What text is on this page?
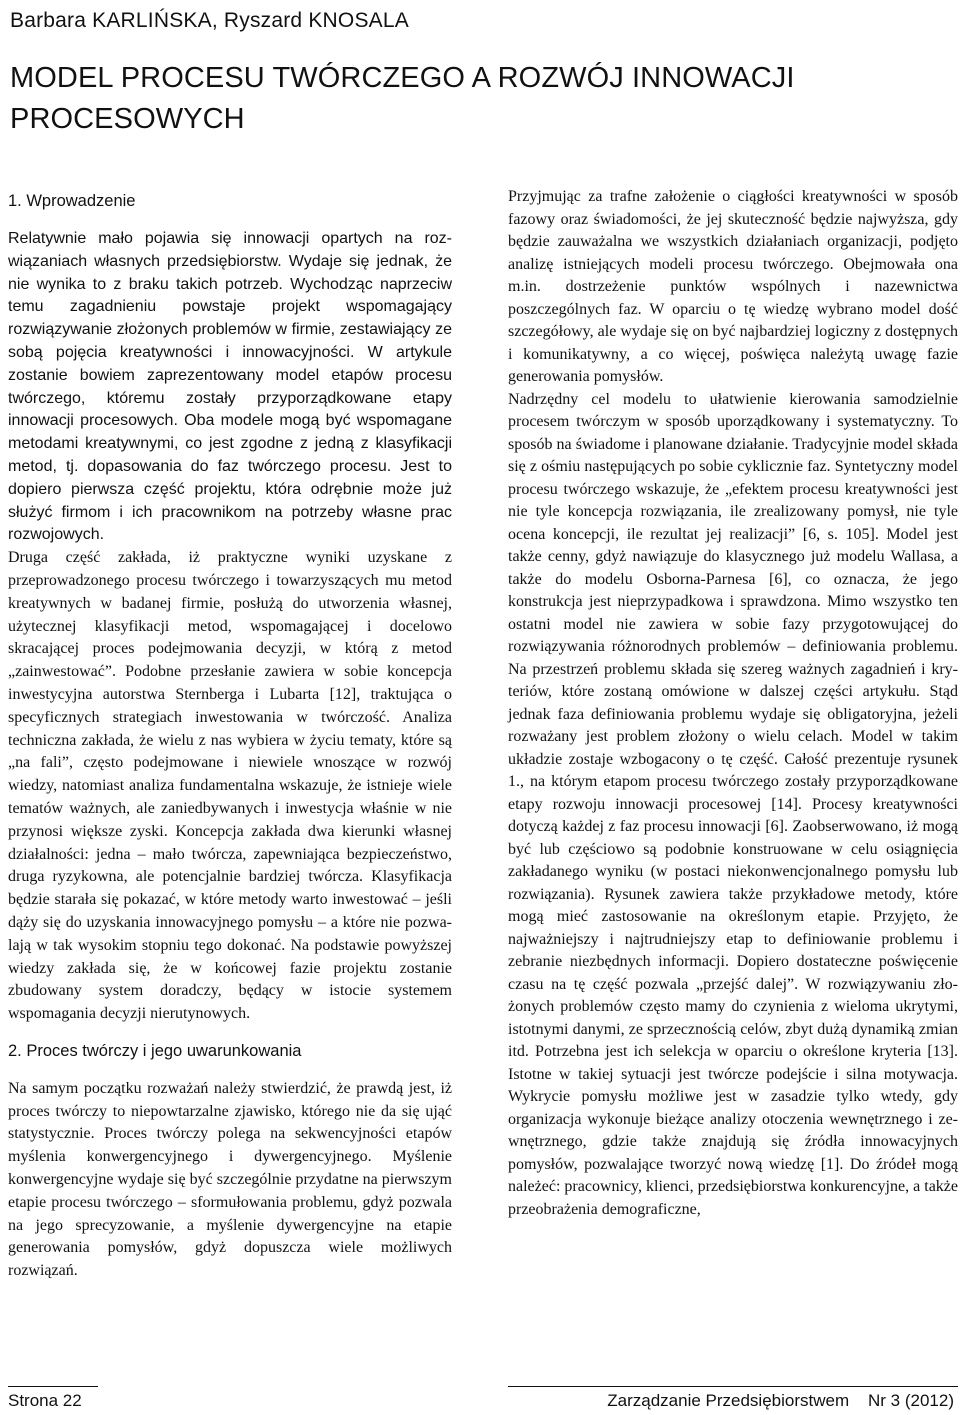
Barbara KARLIŃSKA, Ryszard KNOSALA
MODEL PROCESU TWÓRCZEGO A ROZWÓJ INNOWACJI PROCESOWYCH
1. Wprowadzenie

Relatywnie mało pojawia się innowacji opartych na rozwiązaniach własnych przedsiębiorstw. Wydaje się jednak, że nie wynika to z braku takich potrzeb. Wychodząc naprzeciw temu zagadnieniu powstaje projekt wspomagający rozwiązywanie złożonych problemów w firmie, zestawiający ze sobą pojęcia kreatywności i innowacyjności. W artykule zostanie bowiem zaprezentowany model etapów procesu twórczego, któremu zostały przyporządkowane etapy innowacji procesowych. Oba modele mogą być wspomagane metodami kreatywnymi, co jest zgodne z jedną z klasyfikacji metod, tj. dopasowania do faz twórczego procesu. Jest to dopiero pierwsza część projektu, która odrębnie może już służyć firmom i ich pracownikom na potrzeby własne prac rozwojowych.

Druga część zakłada, iż praktyczne wyniki uzyskane z przeprowadzonego procesu twórczego i towarzyszących mu metod kreatywnych w badanej firmie, posłużą do utworzenia własnej, użytecznej klasyfikacji metod, wspomagającej i docelowo skracającej proces podejmowania decyzji, w którą z metod „zainwestować”. Podobne przesłanie zawiera w sobie koncepcja inwestycyjna autorstwa Sternberga i Lubarta [12], traktująca o specyficznych strategiach inwestowania w twórczość. Analiza techniczna zakłada, że wielu z nas wybiera w życiu tematy, które są „na fali”, często podejmowane i niewiele wnoszące w rozwój wiedzy, natomiast analiza fundamentalna wskazuje, że istnieje wiele tematów ważnych, ale zaniedbywanych i inwestycja właśnie w nie przynosi większe zyski. Koncepcja zakłada dwa kierunki własnej działalności: jedna – mało twórcza, zapewniająca bezpieczeństwo, druga ryzykowna, ale potencjalnie bardziej twórcza. Klasyfikacja będzie starała się pokazać, w które metody warto inwestować – jeśli dąży się do uzyskania innowacyjnego pomysłu – a które nie pozwalają w tak wysokim stopniu tego dokonać. Na podstawie powyższej wiedzy zakłada się, że w końcowej fazie projektu zostanie zbudowany system doradczy, będący w istocie systemem wspomagania decyzji nierutynowych.

2. Proces twórczy i jego uwarunkowania

Na samym początku rozważań należy stwierdzić, że prawdą jest, iż proces twórczy to niepowtarzalne zjawisko, którego nie da się ująć statystycznie. Proces twórczy polega na sekwencyjności etapów myślenia konwergencyjnego i dywergencyjnego. Myślenie konwergencyjne wydaje się być szczególnie przydatne na pierwszym etapie procesu twórczego – sformułowania problemu, gdyż pozwala na jego sprecyzowanie, a myślenie dywergencyjne na etapie generowania pomysłów, gdyż dopuszcza wiele możliwych rozwiązań.

Przyjmując za trafne założenie o ciągłości kreatywności w sposób fazowy oraz świadomości, że jej skuteczność będzie najwyższa, gdy będzie zauważalna we wszystkich działaniach organizacji, podjęto analizę istniejących modeli procesu twórczego. Obejmowała ona m.in. dostrzeżenie punktów wspólnych i nazewnictwa poszczególnych faz. W oparciu o tę wiedzę wybrano model dość szczegółowy, ale wydaje się on być najbardziej logiczny z dostępnych i komunikatywny, a co więcej, poświęca należytą uwagę fazie generowania pomysłów.

Nadrzędny cel modelu to ułatwienie kierowania samodzielnie procesem twórczym w sposób uporządkowany i systematyczny. To sposób na świadome i planowane działanie. Tradycyjnie model składa się z ośmiu następujących po sobie cyklicznie faz. Syntetyczny model procesu twórczego wskazuje, że „efektem procesu kreatywności jest nie tyle koncepcja rozwiązania, ile zrealizowany pomysł, nie tyle ocena koncepcji, ile rezultat jej realizacji” [6, s. 105]. Model jest także cenny, gdyż nawiązuje do klasycznego już modelu Wallasa, a także do modelu Osborna-Parnesa [6], co oznacza, że jego konstrukcja jest nieprzypadkowa i sprawdzona. Mimo wszystko ten ostatni model nie zawiera w sobie fazy przygotowującej do rozwiązywania różnorodnych problemów – definiowania problemu. Na przestrzeń problemu składa się szereg ważnych zagadnień i kryteriów, które zostaną omówione w dalszej części artykułu. Stąd jednak faza definiowania problemu wydaje się obligatoryjna, jeżeli rozważany jest problem złożony o wielu celach. Model w takim układzie zostaje wzbogacony o tę część. Całość prezentuje rysunek 1., na którym etapom procesu twórczego zostały przyporządkowane etapy rozwoju innowacji procesowej [14]. Procesy kreatywności dotyczą każdej z faz procesu innowacji [6]. Zaobserwowano, iż mogą być lub częściowo są podobnie konstruowane w celu osiągnięcia zakładanego wyniku (w postaci niekonwencjonalnego pomysłu lub rozwiązania). Rysunek zawiera także przykładowe metody, które mogą mieć zastosowanie na określonym etapie. Przyjęto, że najważniejszy i najtrudniejszy etap to definiowanie problemu i zebranie niezbędnych informacji. Dopiero dostateczne poświęcenie czasu na tę część pozwala „przejść dalej”. W rozwiązywaniu złożonych problemów często mamy do czynienia z wieloma ukrytymi, istotnymi danymi, ze sprzecznością celów, zbyt dużą dynamiką zmian itd. Potrzebna jest ich selekcja w oparciu o określone kryteria [13]. Istotne w takiej sytuacji jest twórcze podejście i silna motywacja. Wykrycie pomysłu możliwe jest w zasadzie tylko wtedy, gdy organizacja wykonuje bieżące analizy otoczenia wewnętrznego i zewnętrznego, gdzie także znajdują się źródła innowacyjnych pomysłów, pozwalające tworzyć nową wiedzę [1]. Do źródeł mogą należeć: pracownicy, klienci, przedsiębiorstwa konkurencyjne, a także przeobrażenia demograficzne,

Strona 22	Zarządzanie Przedsiębiorstwem    Nr 3 (2012)
